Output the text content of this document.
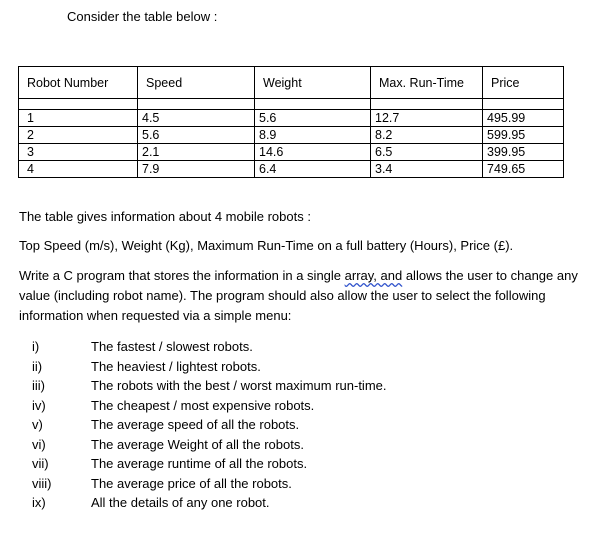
Consider the table below :
Robot Number	Speed	Weight	Max. Run-Time	Price

1	4.5	5.6	12.7	495.99
2	5.6	8.9	8.2	599.95
3	2.1	14.6	6.5	399.95
4	7.9	6.4	3.4	749.65
The table gives information about 4 mobile robots :
Top Speed (m/s), Weight (Kg), Maximum Run-Time on a full battery (Hours), Price (£).
Write a C program that stores the information in a single array, and allows the user to change any value (including robot name). The program should also allow the user to select the following information when requested via a simple menu:
i)	The fastest / slowest robots.
ii)	The heaviest / lightest robots.
iii)	The robots with the best / worst maximum run-time.
iv)	The cheapest / most expensive robots.
v)	The average speed of all the robots.
vi)	The average Weight of all the robots.
vii)	The average runtime of all the robots.
viii)	The average price of all the robots.
ix)	All the details of any one robot.
